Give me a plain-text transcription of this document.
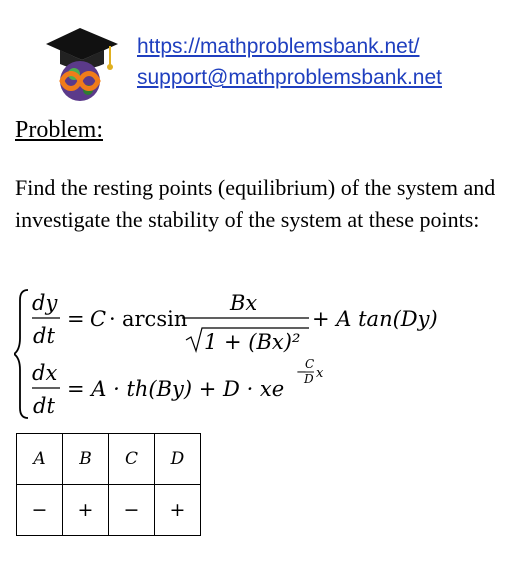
https://mathproblemsbank.net/
support@mathproblemsbank.net
Problem:
Find the resting points (equilibrium) of the system and investigate the stability of the system at these points:
dy
dt
= C · arcsin
Bx
1 + (Bx)²
+ A tan(Dy)
dx
dt
= A · th(By) + D · xe
−
C
D x
A	B	C	D
−	+	−	+
